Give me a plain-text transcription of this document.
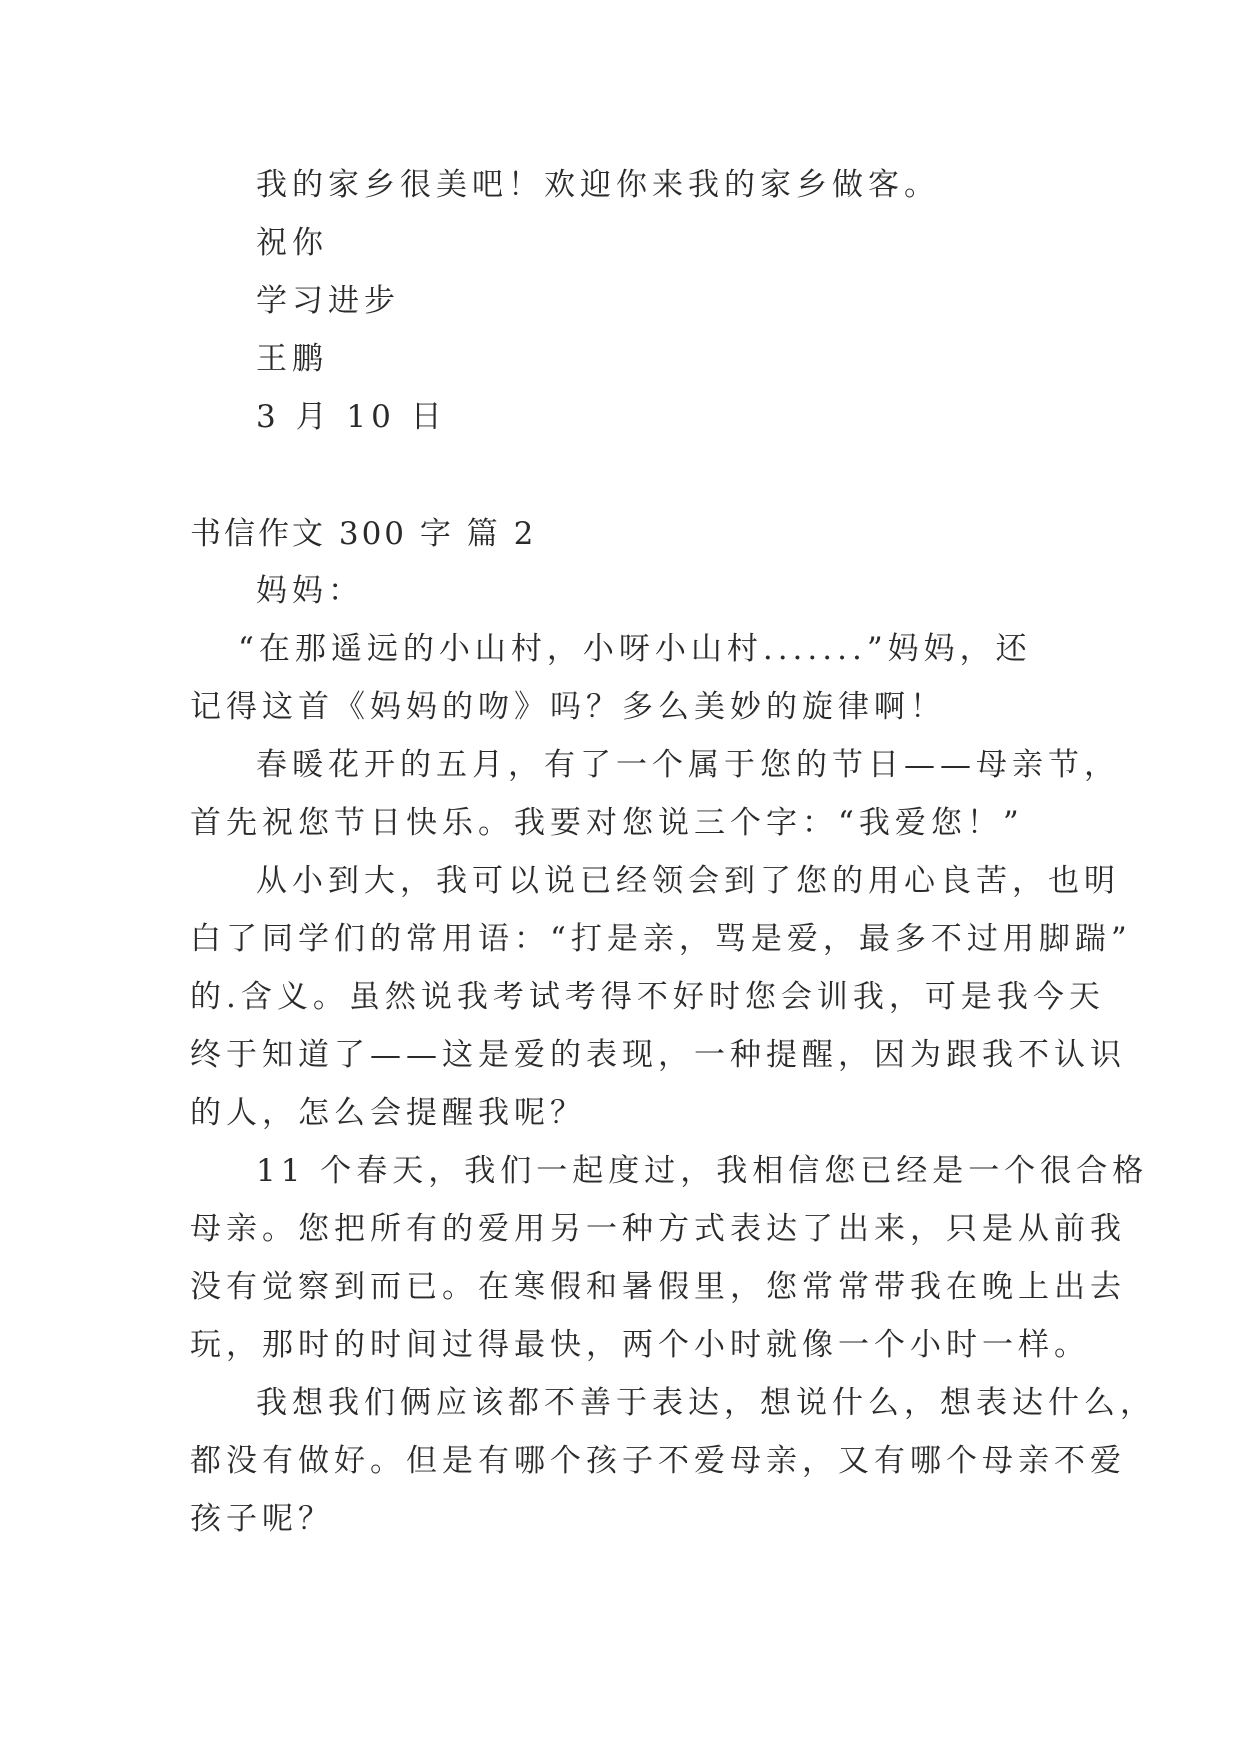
我的家乡很美吧！欢迎你来我的家乡做客。
祝你
学习进步
王鹏
3 月 10 日
书信作文 300 字 篇 2
妈妈：
“在那遥远的小山村，小呀小山村.......”妈妈，还
记得这首《妈妈的吻》吗？多么美妙的旋律啊！
春暖花开的五月，有了一个属于您的节日——母亲节，
首先祝您节日快乐。我要对您说三个字：“我爱您！”
从小到大，我可以说已经领会到了您的用心良苦，也明
白了同学们的常用语：“打是亲，骂是爱，最多不过用脚踹”
的.含义。虽然说我考试考得不好时您会训我，可是我今天
终于知道了——这是爱的表现，一种提醒，因为跟我不认识
的人，怎么会提醒我呢？
11 个春天，我们一起度过，我相信您已经是一个很合格
母亲。您把所有的爱用另一种方式表达了出来，只是从前我
没有觉察到而已。在寒假和暑假里，您常常带我在晚上出去
玩，那时的时间过得最快，两个小时就像一个小时一样。
我想我们俩应该都不善于表达，想说什么，想表达什么，
都没有做好。但是有哪个孩子不爱母亲，又有哪个母亲不爱
孩子呢？
